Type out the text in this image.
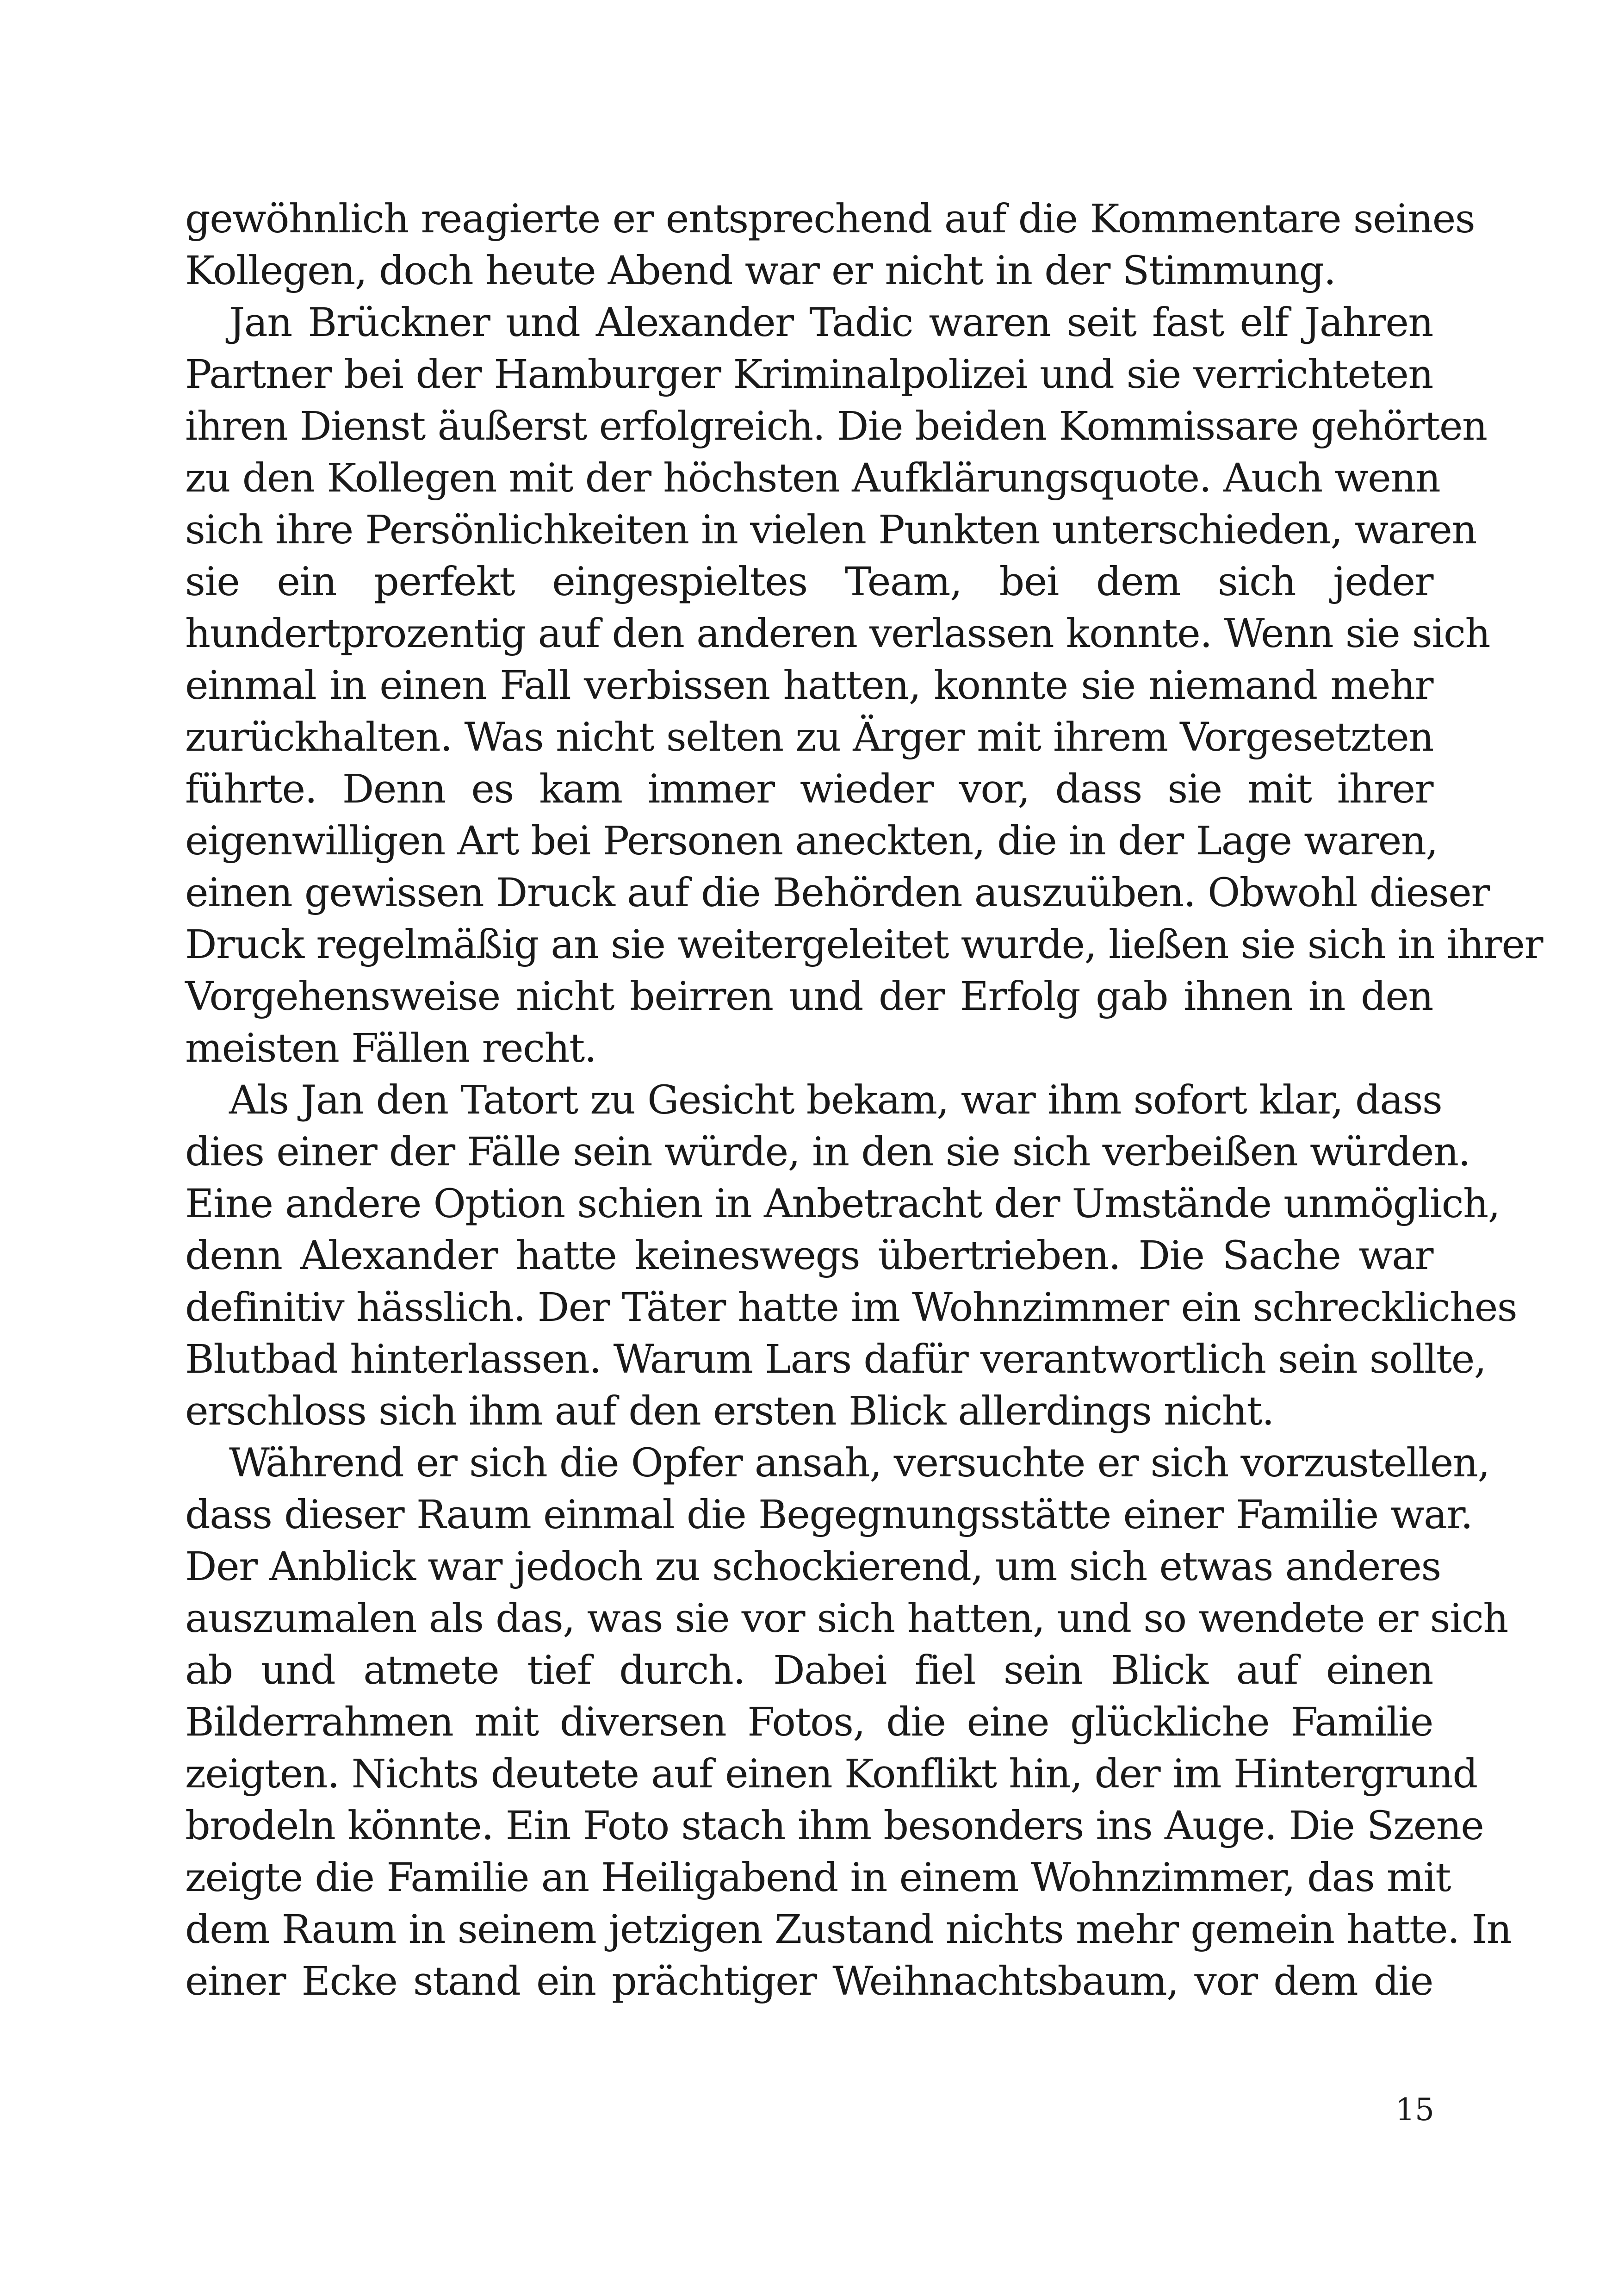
gewöhnlich reagierte er entsprechend auf die Kommentare seines
Kollegen, doch heute Abend war er nicht in der Stimmung.
Jan Brückner und Alexander Tadic waren seit fast elf Jahren
Partner bei der Hamburger Kriminalpolizei und sie verrichteten
ihren Dienst äußerst erfolgreich. Die beiden Kommissare gehörten
zu den Kollegen mit der höchsten Aufklärungsquote. Auch wenn
sich ihre Persönlichkeiten in vielen Punkten unterschieden, waren
sie ein perfekt eingespieltes Team, bei dem sich jeder
hundertprozentig auf den anderen verlassen konnte. Wenn sie sich
einmal in einen Fall verbissen hatten, konnte sie niemand mehr
zurückhalten. Was nicht selten zu Ärger mit ihrem Vorgesetzten
führte. Denn es kam immer wieder vor, dass sie mit ihrer
eigenwilligen Art bei Personen aneckten, die in der Lage waren,
einen gewissen Druck auf die Behörden auszuüben. Obwohl dieser
Druck regelmäßig an sie weitergeleitet wurde, ließen sie sich in ihrer
Vorgehensweise nicht beirren und der Erfolg gab ihnen in den
meisten Fällen recht.
Als Jan den Tatort zu Gesicht bekam, war ihm sofort klar, dass
dies einer der Fälle sein würde, in den sie sich verbeißen würden.
Eine andere Option schien in Anbetracht der Umstände unmöglich,
denn Alexander hatte keineswegs übertrieben. Die Sache war
definitiv hässlich. Der Täter hatte im Wohnzimmer ein schreckliches
Blutbad hinterlassen. Warum Lars dafür verantwortlich sein sollte,
erschloss sich ihm auf den ersten Blick allerdings nicht.
Während er sich die Opfer ansah, versuchte er sich vorzustellen,
dass dieser Raum einmal die Begegnungsstätte einer Familie war.
Der Anblick war jedoch zu schockierend, um sich etwas anderes
auszumalen als das, was sie vor sich hatten, und so wendete er sich
ab und atmete tief durch. Dabei fiel sein Blick auf einen
Bilderrahmen mit diversen Fotos, die eine glückliche Familie
zeigten. Nichts deutete auf einen Konflikt hin, der im Hintergrund
brodeln könnte. Ein Foto stach ihm besonders ins Auge. Die Szene
zeigte die Familie an Heiligabend in einem Wohnzimmer, das mit
dem Raum in seinem jetzigen Zustand nichts mehr gemein hatte. In
einer Ecke stand ein prächtiger Weihnachtsbaum, vor dem die
15
